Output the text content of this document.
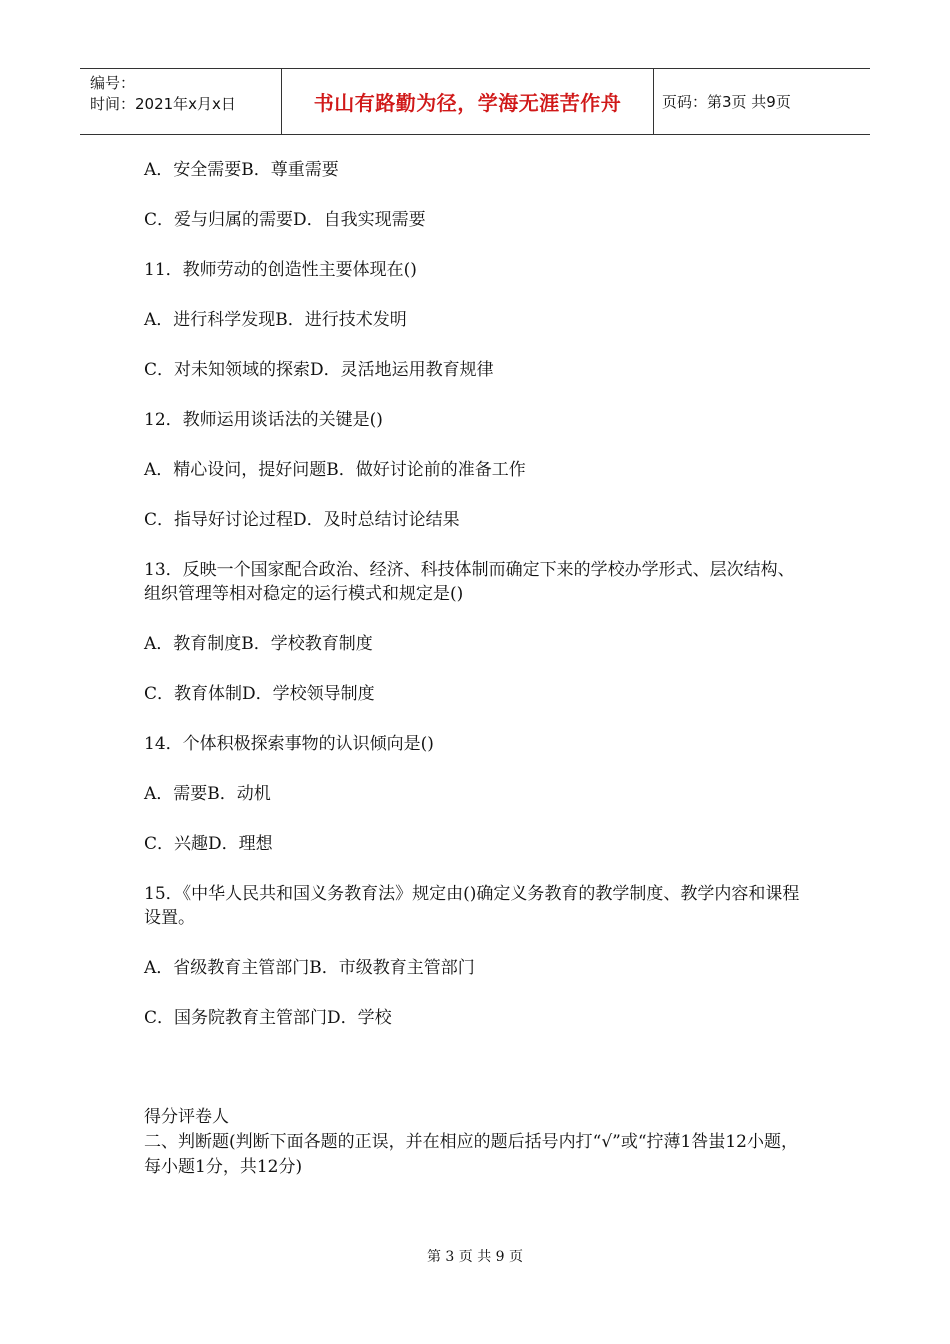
编号：
时间：2021年x月x日	书山有路勤为径，学海无涯苦作舟	页码：第3页 共9页
A．安全需要B．尊重需要
C．爱与归属的需要D．自我实现需要
11．教师劳动的创造性主要体现在()
A．进行科学发现B．进行技术发明
C．对未知领域的探索D．灵活地运用教育规律
12．教师运用谈话法的关键是()
A．精心设问，提好问题B．做好讨论前的准备工作
C．指导好讨论过程D．及时总结讨论结果
13．反映一个国家配合政治、经济、科技体制而确定下来的学校办学形式、层次结构、组织管理等相对稳定的运行模式和规定是()
A．教育制度B．学校教育制度
C．教育体制D．学校领导制度
14．个体积极探索事物的认识倾向是()
A．需要B．动机
C．兴趣D．理想
15．《中华人民共和国义务教育法》规定由()确定义务教育的教学制度、教学内容和课程设置。
A．省级教育主管部门B．市级教育主管部门
C．国务院教育主管部门D．学校
得分评卷人
二、判断题(判断下面各题的正误，并在相应的题后括号内打“√”或“拧薄1咎蚩12小题，每小题1分，共12分)
第 3 页 共 9 页
